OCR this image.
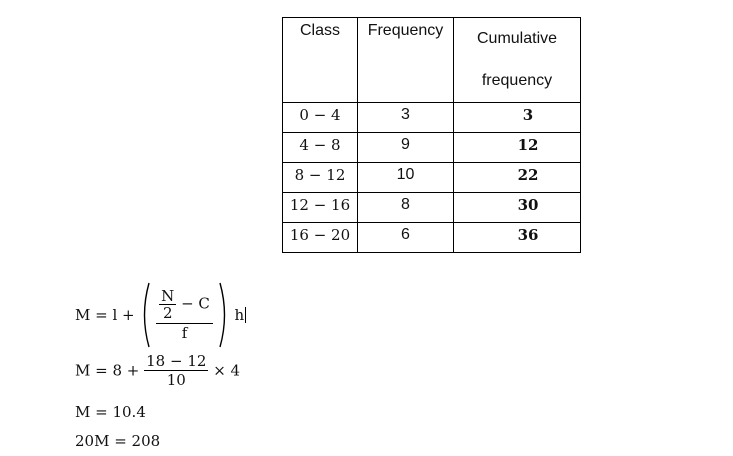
Class	Frequency	Cumulative
frequency

0 − 4	3	3

4 − 8	9	12

8 − 12	10	22

12 − 16	8	30

16 − 20	6	36
$M = l + \frac{\frac{N}{2} - C}{f}$ h
$M = 8 + \frac{18 - 12}{10} \times 4$
M = 10.4
20M = 208
